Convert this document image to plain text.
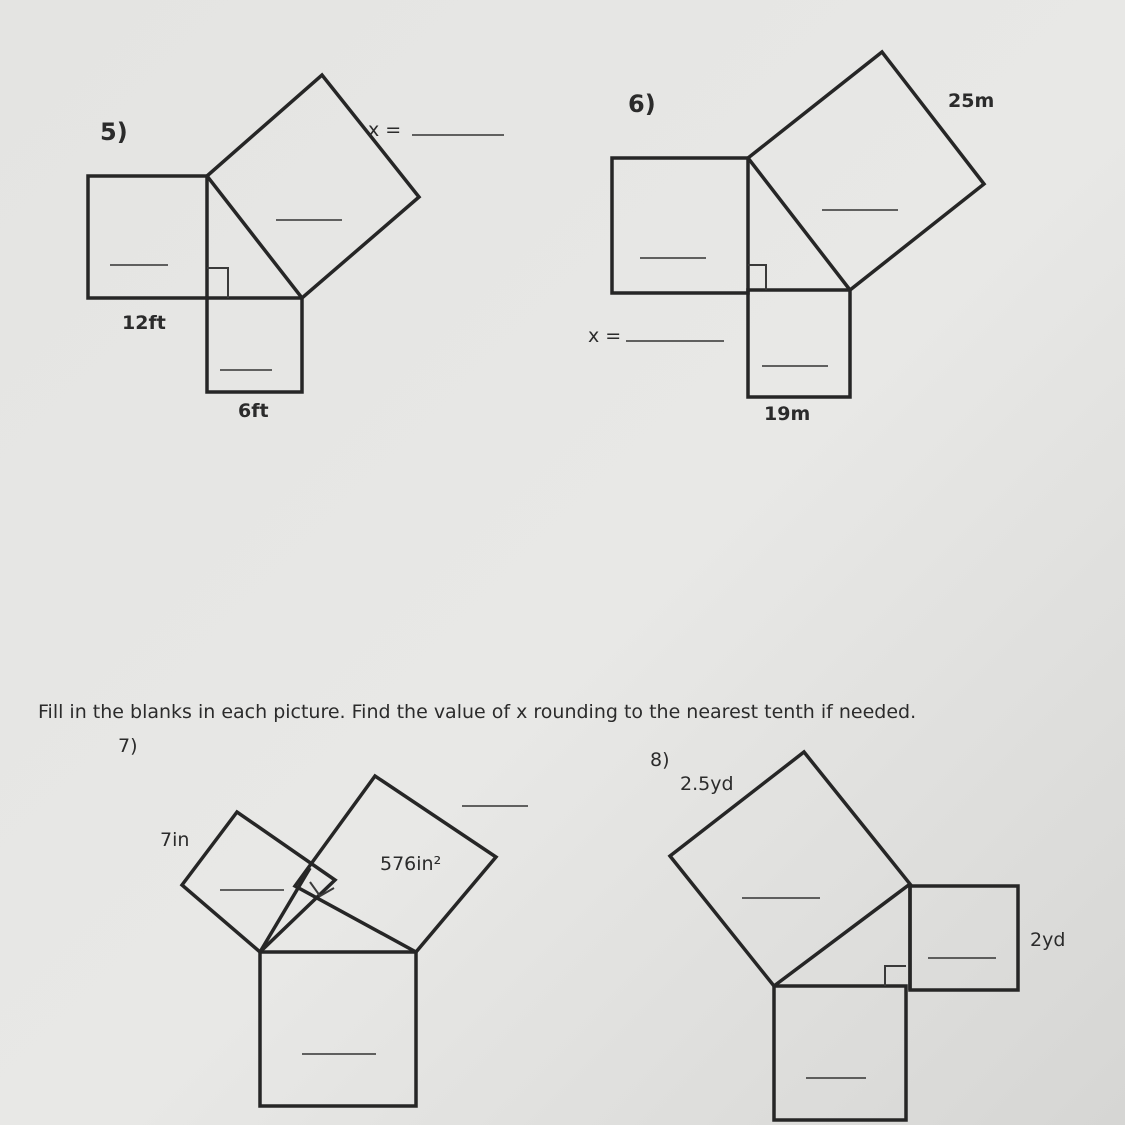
5)
12ft
6ft
x =
6)	25m
19m
x =
Fill in the blanks in each picture. Find the value of x rounding to the nearest tenth if needed.
7)
7in
576in²
8)
2.5yd
2yd
